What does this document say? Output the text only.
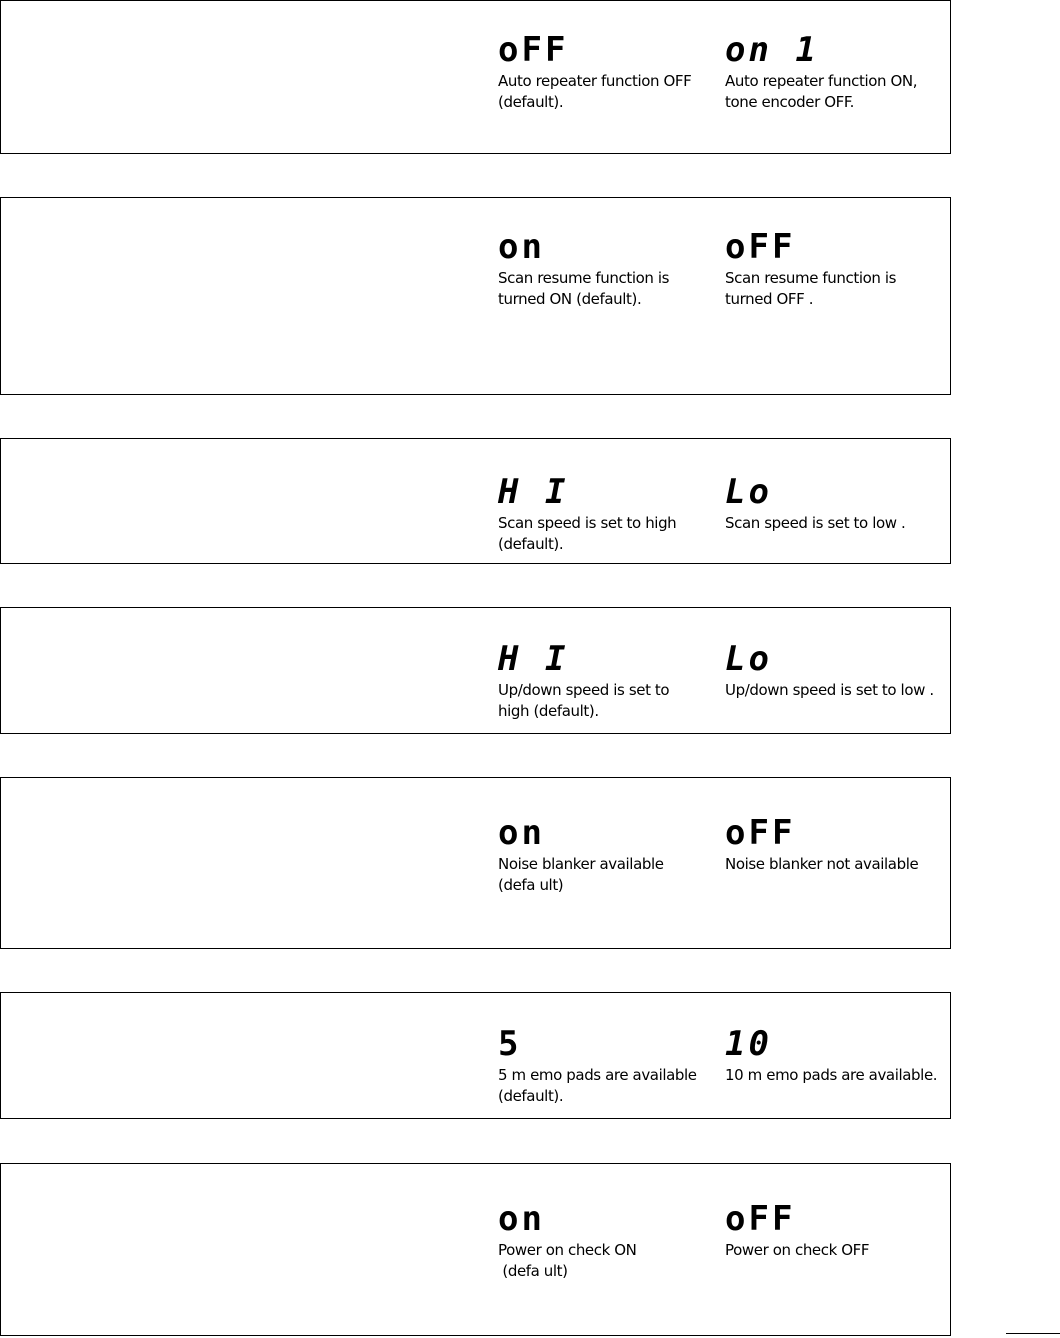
oFF
Auto repeater function OFF
(default).
on 1
Auto repeater function ON,
tone encoder OFF.
on
Scan resume function is
turned ON (default).
oFF
Scan resume function is
turned OFF .
H I
Scan speed is set to high
(default).
Lo
Scan speed is set to low .
H I
Up/down speed is set to
high (default).
Lo
Up/down speed is set to low .
on
Noise blanker available
(defa ult)
oFF
Noise blanker not available
5
5 m emo pads are available
(default).
10
10 m emo pads are available.
on
Power on check ON
(defa ult)
oFF
Power on check OFF
